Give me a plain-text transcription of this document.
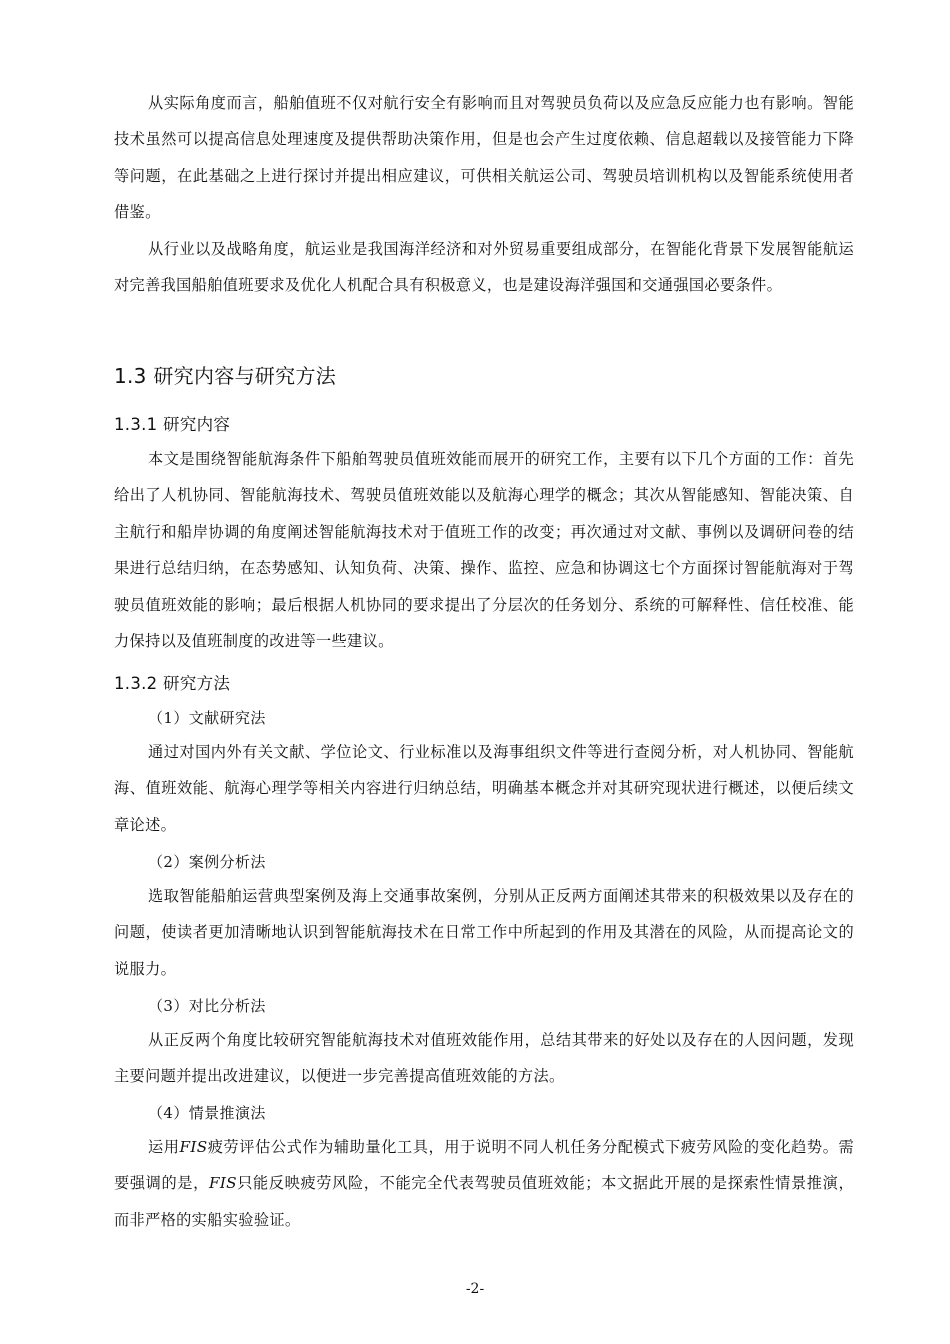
从实际角度而言，船舶值班不仅对航行安全有影响而且对驾驶员负荷以及应急反应能力也有影响。智能技术虽然可以提高信息处理速度及提供帮助决策作用，但是也会产生过度依赖、信息超载以及接管能力下降等问题，在此基础之上进行探讨并提出相应建议，可供相关航运公司、驾驶员培训机构以及智能系统使用者借鉴。

从行业以及战略角度，航运业是我国海洋经济和对外贸易重要组成部分，在智能化背景下发展智能航运对完善我国船舶值班要求及优化人机配合具有积极意义，也是建设海洋强国和交通强国必要条件。

1.3 研究内容与研究方法
1.3.1 研究内容

本文是围绕智能航海条件下船舶驾驶员值班效能而展开的研究工作，主要有以下几个方面的工作：首先给出了人机协同、智能航海技术、驾驶员值班效能以及航海心理学的概念；其次从智能感知、智能决策、自主航行和船岸协调的角度阐述智能航海技术对于值班工作的改变；再次通过对文献、事例以及调研问卷的结果进行总结归纳，在态势感知、认知负荷、决策、操作、监控、应急和协调这七个方面探讨智能航海对于驾驶员值班效能的影响；最后根据人机协同的要求提出了分层次的任务划分、系统的可解释性、信任校准、能力保持以及值班制度的改进等一些建议。

1.3.2 研究方法
（1）文献研究法

通过对国内外有关文献、学位论文、行业标准以及海事组织文件等进行查阅分析，对人机协同、智能航海、值班效能、航海心理学等相关内容进行归纳总结，明确基本概念并对其研究现状进行概述，以便后续文章论述。

（2）案例分析法

选取智能船舶运营典型案例及海上交通事故案例，分别从正反两方面阐述其带来的积极效果以及存在的问题，使读者更加清晰地认识到智能航海技术在日常工作中所起到的作用及其潜在的风险，从而提高论文的说服力。

（3）对比分析法

从正反两个角度比较研究智能航海技术对值班效能作用，总结其带来的好处以及存在的人因问题，发现主要问题并提出改进建议，以便进一步完善提高值班效能的方法。

（4）情景推演法

运用FIS疲劳评估公式作为辅助量化工具，用于说明不同人机任务分配模式下疲劳风险的变化趋势。需要强调的是，FIS只能反映疲劳风险，不能完全代表驾驶员值班效能；本文据此开展的是探索性情景推演，而非严格的实船实验验证。

-2-
